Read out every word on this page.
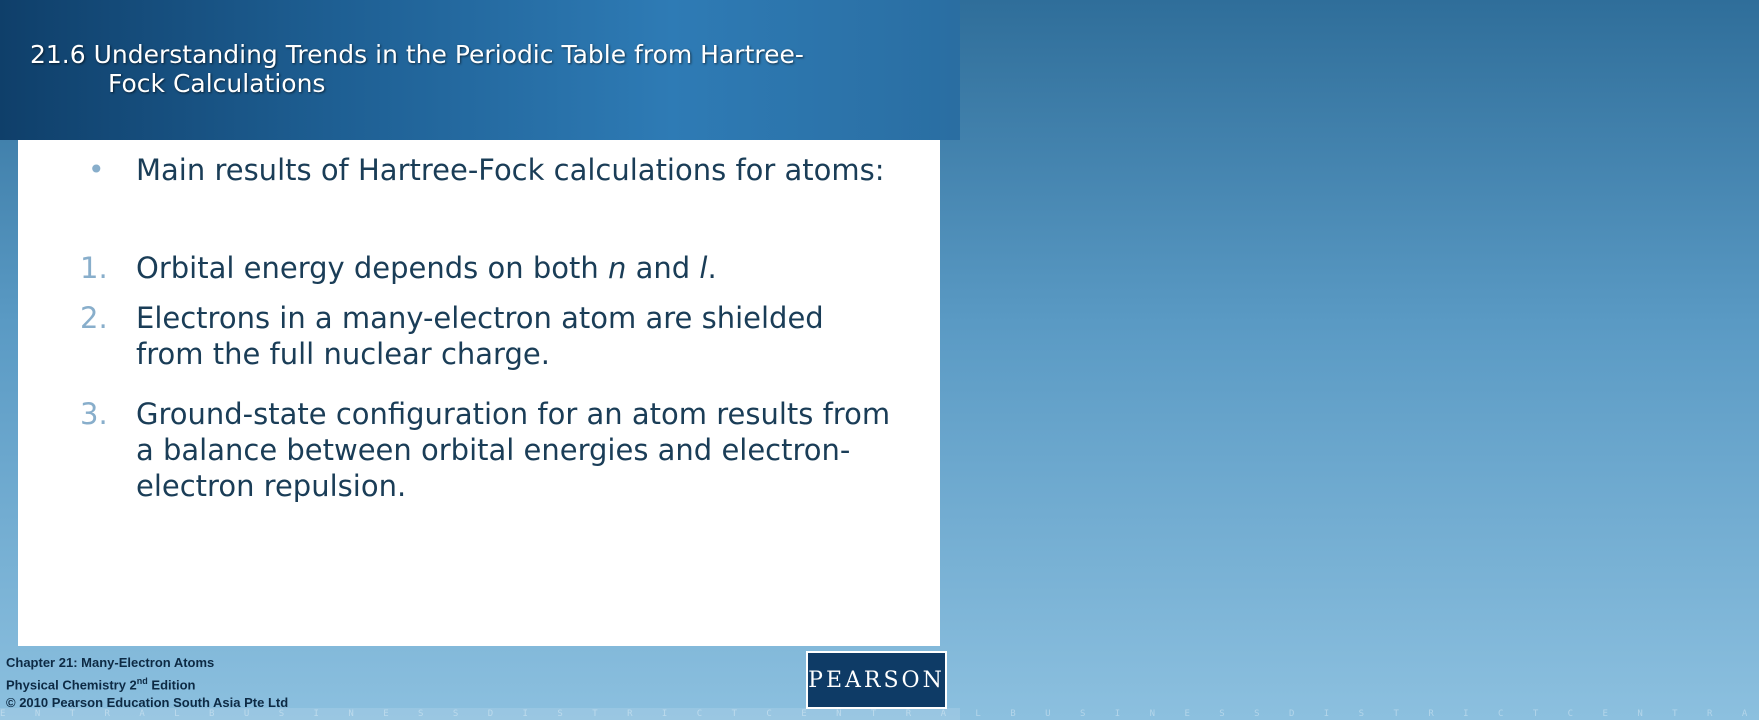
21.6 Understanding Trends in the Periodic Table from Hartree-
Fock Calculations
• Main results of Hartree-Fock calculations for atoms:
1. Orbital energy depends on both n and l.
2. Electrons in a many-electron atom are shielded from the full nuclear charge.
3. Ground-state configuration for an atom results from a balance between orbital energies and electron-electron repulsion.
Chapter 21: Many-Electron Atoms
Physical Chemistry 2nd Edition
© 2010 Pearson Education South Asia Pte Ltd
E N T R A L B U S I N E S S D I S T R I C T C E N T R A L B U S I N E S S D I S T R I C T C E N T R A
PEARSON
